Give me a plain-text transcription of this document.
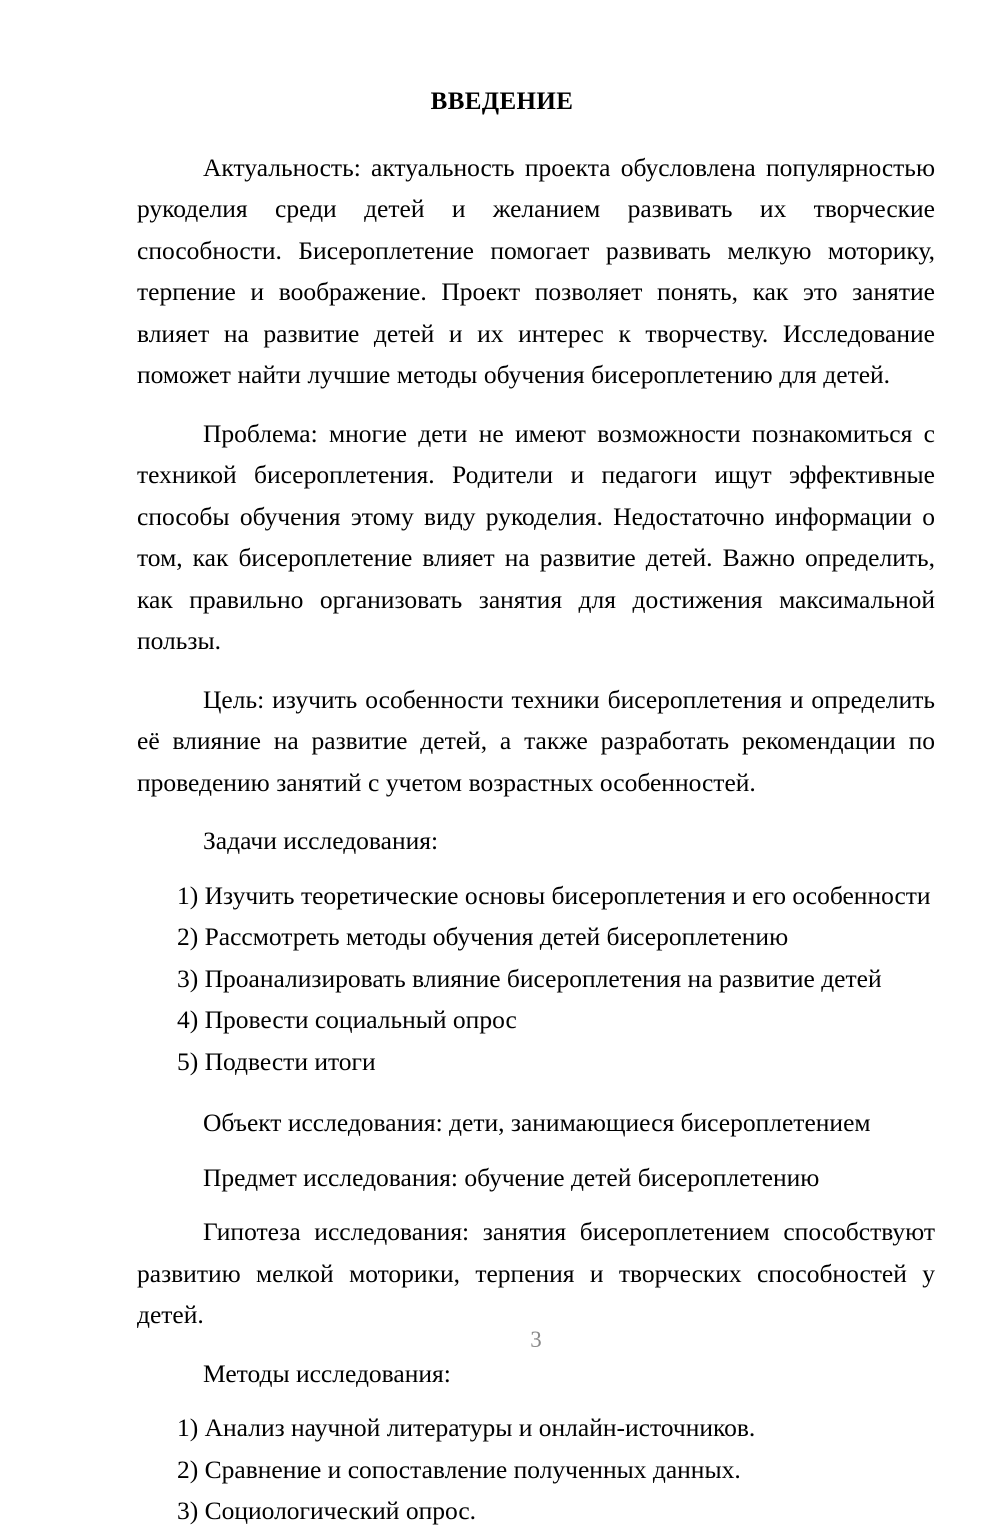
ВВЕДЕНИЕ

Актуальность: актуальность проекта обусловлена популярностью рукоделия среди детей и желанием развивать их творческие способности. Бисероплетение помогает развивать мелкую моторику, терпение и воображение. Проект позволяет понять, как это занятие влияет на развитие детей и их интерес к творчеству. Исследование поможет найти лучшие методы обучения бисероплетению для детей.

Проблема: многие дети не имеют возможности познакомиться с техникой бисероплетения. Родители и педагоги ищут эффективные способы обучения этому виду рукоделия. Недостаточно информации о том, как бисероплетение влияет на развитие детей. Важно определить, как правильно организовать занятия для достижения максимальной пользы.

Цель: изучить особенности техники бисероплетения и определить её влияние на развитие детей, а также разработать рекомендации по проведению занятий с учетом возрастных особенностей.

Задачи исследования:

1) Изучить теоретические основы бисероплетения и его особенности
2) Рассмотреть методы обучения детей бисероплетению
3) Проанализировать влияние бисероплетения на развитие детей
4) Провести социальный опрос
5) Подвести итоги

Объект исследования: дети, занимающиеся бисероплетением

Предмет исследования: обучение детей бисероплетению

Гипотеза исследования: занятия бисероплетением способствуют развитию мелкой моторики, терпения и творческих способностей у детей.

Методы исследования:

1) Анализ научной литературы и онлайн-источников.
2) Сравнение и сопоставление полученных данных.
3) Социологический опрос.
3
